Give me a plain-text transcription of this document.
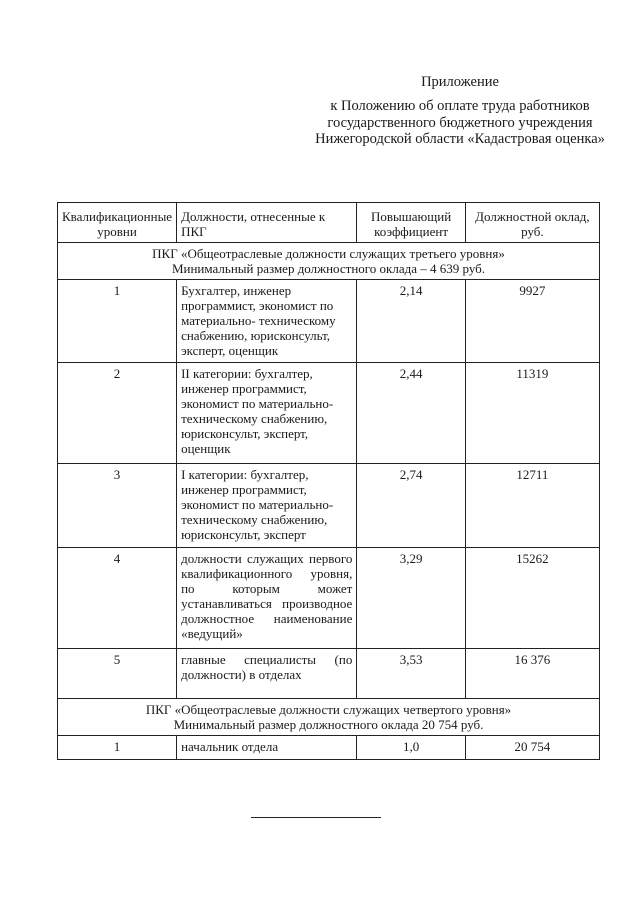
Приложение
к Положению об оплате труда работников государственного бюджетного учреждения Нижегородской области «Кадастровая оценка»
Квалификационные уровни	Должности, отнесенные к ПКГ	Повышающий коэффициент	Должностной оклад, руб.

ПКГ «Общеотраслевые должности служащих третьего уровня»
Минимальный размер должностного оклада – 4 639 руб.			

1	Бухгалтер, инженер программист, экономист по материально- техническому снабжению, юрисконсульт, эксперт, оценщик	2,14	9927
2	II категории: бухгалтер, инженер программист, экономист по материально-техническому снабжению, юрисконсульт, эксперт, оценщик	2,44	11319
3	I категории: бухгалтер, инженер программист, экономист по материально-техническому снабжению, юрисконсульт, эксперт	2,74	12711
4	должности служащих первого квалификационного уровня, по которым может устанавливаться производное должностное наименование «ведущий»	3,29	15262
5	главные специалисты (по должности) в отделах	3,53	16 376

ПКГ «Общеотраслевые должности служащих четвертого уровня»
Минимальный размер должностного оклада 20 754 руб.			

1	начальник отдела	1,0	20 754
